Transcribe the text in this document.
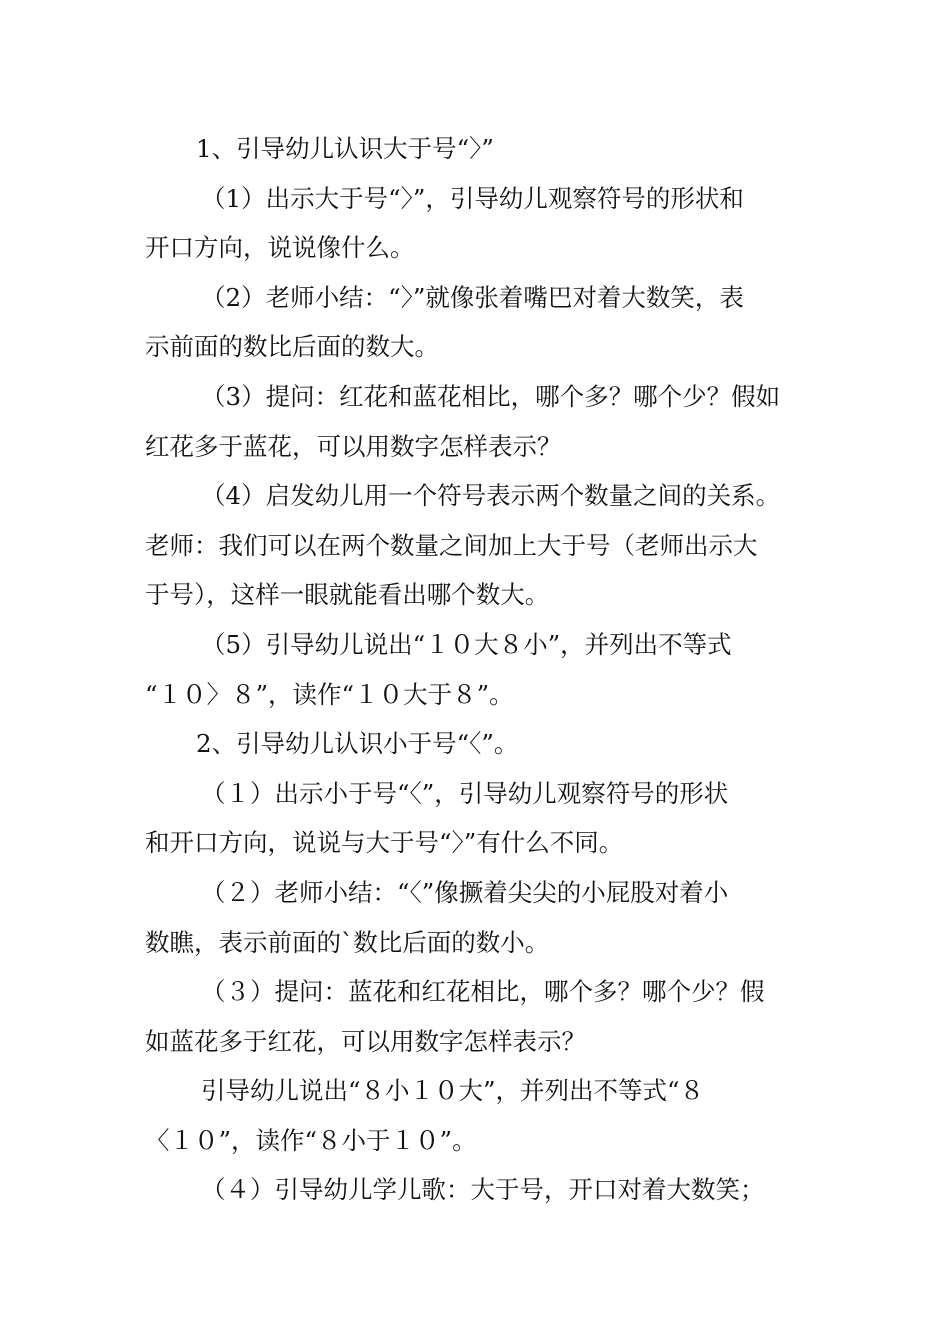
1、引导幼儿认识大于号“〉”
（1）出示大于号“〉”，引导幼儿观察符号的形状和
开口方向，说说像什么。
（2）老师小结：“〉”就像张着嘴巴对着大数笑，表
示前面的数比后面的数大。
（3）提问：红花和蓝花相比，哪个多？哪个少？假如
红花多于蓝花，可以用数字怎样表示？
（4）启发幼儿用一个符号表示两个数量之间的关系。
老师：我们可以在两个数量之间加上大于号（老师出示大
于号），这样一眼就能看出哪个数大。
（5）引导幼儿说出“１０大８小”，并列出不等式
“１０〉８”，读作“１０大于８”。
2、引导幼儿认识小于号“〈”。
（１）出示小于号“〈”，引导幼儿观察符号的形状
和开口方向，说说与大于号“〉”有什么不同。
（２）老师小结：“〈”像撅着尖尖的小屁股对着小
数瞧，表示前面的`数比后面的数小。
（３）提问：蓝花和红花相比，哪个多？哪个少？假
如蓝花多于红花，可以用数字怎样表示？
引导幼儿说出“８小１０大”，并列出不等式“８
〈１０”，读作“８小于１０”。
（４）引导幼儿学儿歌：大于号，开口对着大数笑；
